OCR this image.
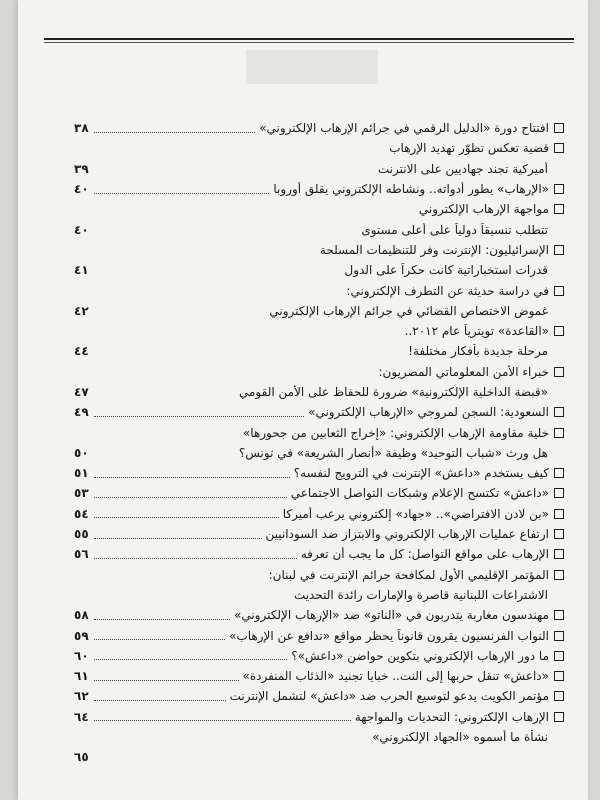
افتتاح دورة «الدليل الرقمي في جرائم الإرهاب الإلكتروني»
٣٨
قضية تعكس تطوّر تهديد الإرهاب
أميركية تجند جهاديين على الانترنت
٣٩
«الإرهاب» يطور أدواته.. ونشاطه الإلكتروني يقلق أوروبا
٤٠
مواجهة الإرهاب الإلكتروني
تتطلب تنسيقاً دولياً على أعلى مستوى
٤٠
الإسرائيليون: الإنترنت وفر للتنظيمات المسلحة
قدرات استخباراتية كانت حكراً على الدول
٤١
في دراسة حديثة عن التطرف الإلكتروني:
غموض الاختصاص القضائي في جرائم الإرهاب الإلكتروني
٤٢
«القاعدة» تويترياً عام ٢٠١٢..
مرحلة جديدة بأفكار مختلفة!
٤٤
خبراء الأمن المعلوماتي المصريون:
«قبضة الداخلية الإلكترونية» ضرورة للحفاظ على الأمن القومي
٤٧
السعودية: السجن لمروجي «الإرهاب الإلكتروني»
٤٩
خلية مقاومة الإرهاب الإلكتروني: «إخراج الثعابين من جحورها»
هل ورث «شباب التوحيد» وظيفة «أنصار الشريعة» في تونس؟
٥٠
كيف يستخدم «داعش» الإنترنت في الترويج لنفسه؟
٥١
«داعش» تكتسح الإعلام وشبكات التواصل الاجتماعي
٥٣
«بن لادن الافتراضي».. «جهاد» إلكتروني يرعب أميركا
٥٤
ارتفاع عمليات الإرهاب الإلكتروني والابتزاز ضد السودانيين
٥٥
الإرهاب على مواقع التواصل: كل ما يجب أن تعرفه
٥٦
المؤتمر الإقليمي الأول لمكافحة جرائم الإنترنت في لبنان:
الاشتراعات اللبنانية قاصرة والإمارات رائدة التحديث
مهندسون مغاربة يتدربون في «الناتو» ضد «الإرهاب الإلكتروني»
٥٨
النواب الفرنسيون يقرون قانوناً يحظر مواقع «تدافع عن الإرهاب»
٥٩
ما دور الإرهاب الإلكتروني بتكوين حواضن «داعش»؟
٦٠
«داعش» تنقل حربها إلى النت.. خبايا تجنيد «الذئاب المنفردة»
٦١
مؤتمر الكويت يدعو لتوسيع الحرب ضد «داعش» لتشمل الإنترنت
٦٢
الإرهاب الإلكتروني: التحديات والمواجهة
٦٤
نشأة ما أسموه «الجهاد الإلكتروني»
٦٥
